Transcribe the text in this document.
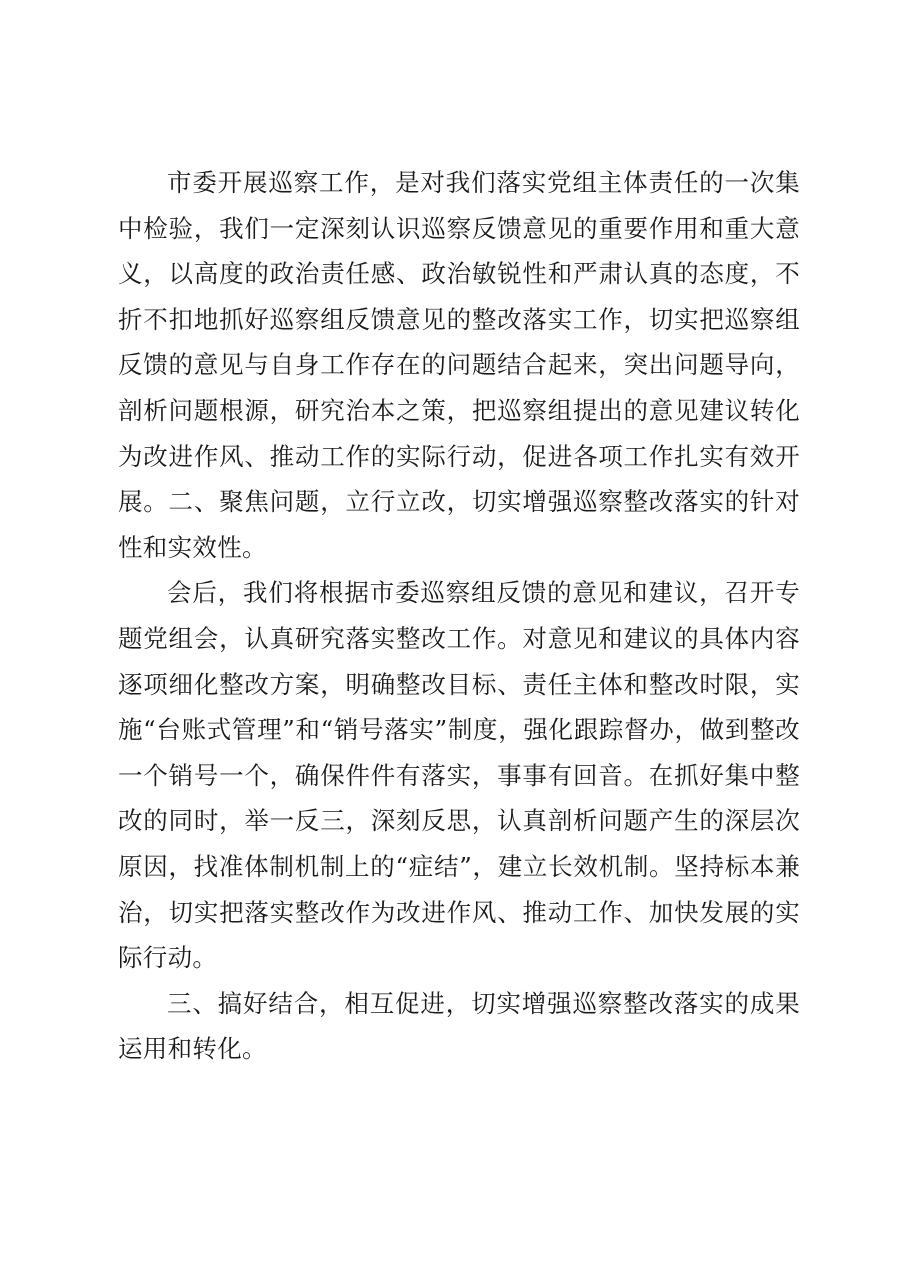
市委开展巡察工作，是对我们落实党组主体责任的一次集中检验，我们一定深刻认识巡察反馈意见的重要作用和重大意义，以高度的政治责任感、政治敏锐性和严肃认真的态度，不折不扣地抓好巡察组反馈意见的整改落实工作，切实把巡察组反馈的意见与自身工作存在的问题结合起来，突出问题导向，剖析问题根源，研究治本之策，把巡察组提出的意见建议转化为改进作风、推动工作的实际行动，促进各项工作扎实有效开展。二、聚焦问题，立行立改，切实增强巡察整改落实的针对性和实效性。

会后，我们将根据市委巡察组反馈的意见和建议，召开专题党组会，认真研究落实整改工作。对意见和建议的具体内容逐项细化整改方案，明确整改目标、责任主体和整改时限，实施“台账式管理”和“销号落实”制度，强化跟踪督办，做到整改一个销号一个，确保件件有落实，事事有回音。在抓好集中整改的同时，举一反三，深刻反思，认真剖析问题产生的深层次原因，找准体制机制上的“症结”，建立长效机制。坚持标本兼治，切实把落实整改作为改进作风、推动工作、加快发展的实际行动。

三、搞好结合，相互促进，切实增强巡察整改落实的成果运用和转化。
